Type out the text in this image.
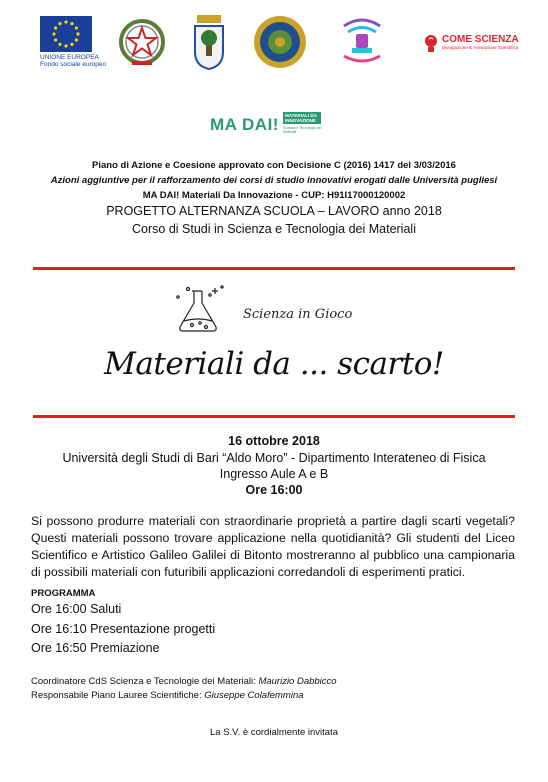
UNIONE EUROPEA
Fondo sociale europeo
COME SCIENZA
Divulgazione & Animazione Scientifica
MA DAI!	MATERIALI DA INNOVAZIONE
Scienza e Tecnologia dei Materiali
Piano di Azione e Coesione approvato con Decisione C (2016) 1417 del 3/03/2016
Azioni aggiuntive per il rafforzamento dei corsi di studio innovativi erogati dalle Università pugliesi
MA DAI! Materiali Da Innovazione - CUP: H91I17000120002
PROGETTO ALTERNANZA SCUOLA – LAVORO anno 2018
Corso di Studi in Scienza e Tecnologia dei Materiali
Scienza in Gioco
Materiali da ... scarto!
16 ottobre 2018
Università degli Studi di Bari “Aldo Moro” - Dipartimento Interateneo di Fisica
Ingresso Aule A e B
Ore 16:00
Si possono produrre materiali con straordinarie proprietà a partire dagli scarti vegetali? Questi materiali possono trovare applicazione nella quotidianità? Gli studenti del Liceo Scientifico e Artistico Galileo Galilei di Bitonto mostreranno al pubblico una campionaria di possibili materiali con futuribili applicazioni corredandoli di esperimenti pratici.
PROGRAMMA
Ore 16:00 Saluti
Ore 16:10 Presentazione progetti
Ore 16:50 Premiazione
Coordinatore CdS Scienza e Tecnologie dei Materiali: Maurizio Dabbicco
Responsabile Piano Lauree Scientifiche: Giuseppe Colafemmina
La S.V. è cordialmente invitata
